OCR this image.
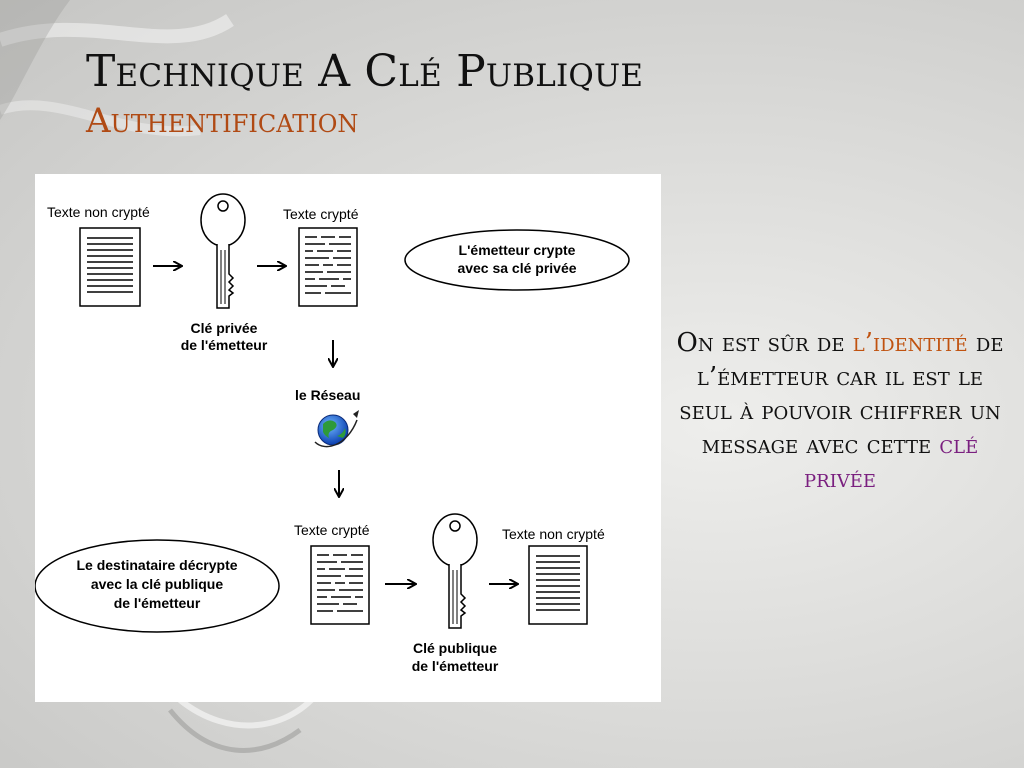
Technique A Clé Publique
Authentification
Texte non crypté	Texte crypté
Clé privée
de l'émetteur
L'émetteur crypte
avec sa clé privée
le Réseau
Texte crypté	Texte non crypté
Le destinataire décrypte
avec la clé publique
de l'émetteur
Clé publique
de l'émetteur

On est sûr de l’identité de l’émetteur car il est le seul à pouvoir chiffrer un message avec cette clé privée
